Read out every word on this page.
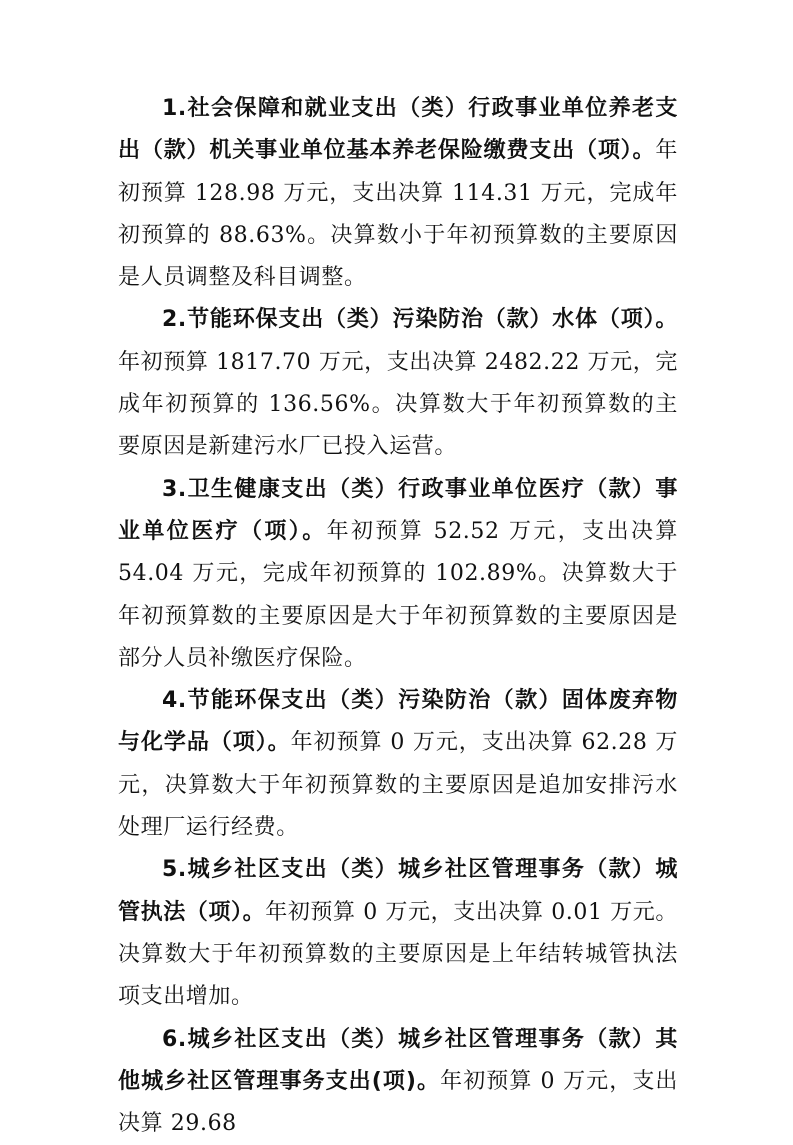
1.社会保障和就业支出（类）行政事业单位养老支出（款）机关事业单位基本养老保险缴费支出（项）。年初预算 128.98 万元，支出决算 114.31 万元，完成年初预算的 88.63%。决算数小于年初预算数的主要原因是人员调整及科目调整。

2.节能环保支出（类）污染防治（款）水体（项）。年初预算 1817.70 万元，支出决算 2482.22 万元，完成年初预算的 136.56%。决算数大于年初预算数的主要原因是新建污水厂已投入运营。

3.卫生健康支出（类）行政事业单位医疗（款）事业单位医疗（项）。年初预算 52.52 万元，支出决算 54.04 万元，完成年初预算的 102.89%。决算数大于年初预算数的主要原因是大于年初预算数的主要原因是部分人员补缴医疗保险。

4.节能环保支出（类）污染防治（款）固体废弃物与化学品（项）。年初预算 0 万元，支出决算 62.28 万元，决算数大于年初预算数的主要原因是追加安排污水处理厂运行经费。

5.城乡社区支出（类）城乡社区管理事务（款）城管执法（项）。年初预算 0 万元，支出决算 0.01 万元。决算数大于年初预算数的主要原因是上年结转城管执法项支出增加。

6.城乡社区支出（类）城乡社区管理事务（款）其他城乡社区管理事务支出(项)。年初预算 0 万元，支出决算 29.68
